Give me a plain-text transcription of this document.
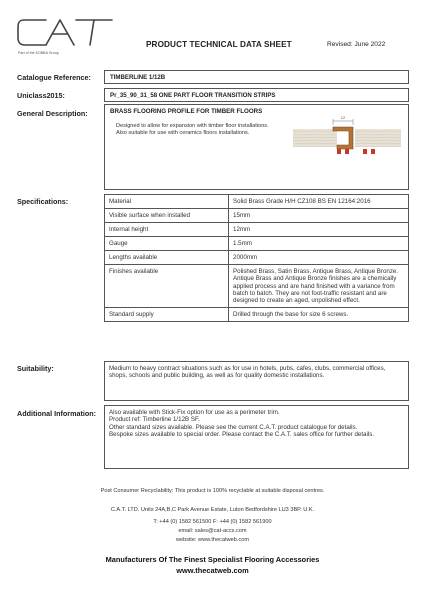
Part of the KOBBA Group
PRODUCT TECHNICAL DATA SHEET	Revised: June 2022
Catalogue Reference:	TIMBERLINE 1/12B
Uniclass2015:	Pr_35_90_31_58 ONE PART FLOOR TRANSITION STRIPS
General Description:	BRASS FLOORING PROFILE FOR TIMBER FLOORS
Designed to allow for expansion with timber floor installations. Also suitable for use with ceramics floors installations.
12
Specifications:	Material	Solid Brass Grade H/H CZ108 BS EN 12164:2016
Visible surface when installed	15mm
Internal height	12mm
Gauge	1.5mm
Lengths available	2000mm
Finishes available	Polished Brass, Satin Brass, Antique Brass, Antique Bronze.
Antique Brass and Antique Bronze finishes are a chemically applied process and are hand finished with a variance from batch to batch. They are not foot-traffic resistant and are designed to create an aged, unpolished effect.

Standard supply	Drilled through the base for size 6 screws.
Suitability:	Medium to heavy contract situations such as for use in hotels, pubs, cafes, clubs, commercial offices, shops, schools and public building, as well as for quality domestic installations.
Additional Information: Also available with Stick-Fix option for use as a perimeter trim.
Product ref: Timberline 1/12B SF.
Other standard sizes available. Please see the current C.A.T. product catalogue for details.
Bespoke sizes available to special order. Please contact the C.A.T. sales office for further details.
Post Consumer Recyclability: This product is 100% recyclable at suitable disposal centres.
C.A.T. LTD. Units 24A,B,C Park Avenue Estate, Luton Bedfordshire LU3 3BP. U.K.
T: +44 (0) 1582 561500 F: +44 (0) 1582 561900
email: sales@cat-accs.com
website: www.thecatweb.com
Manufacturers Of The Finest Specialist Flooring Accessories
www.thecatweb.com
